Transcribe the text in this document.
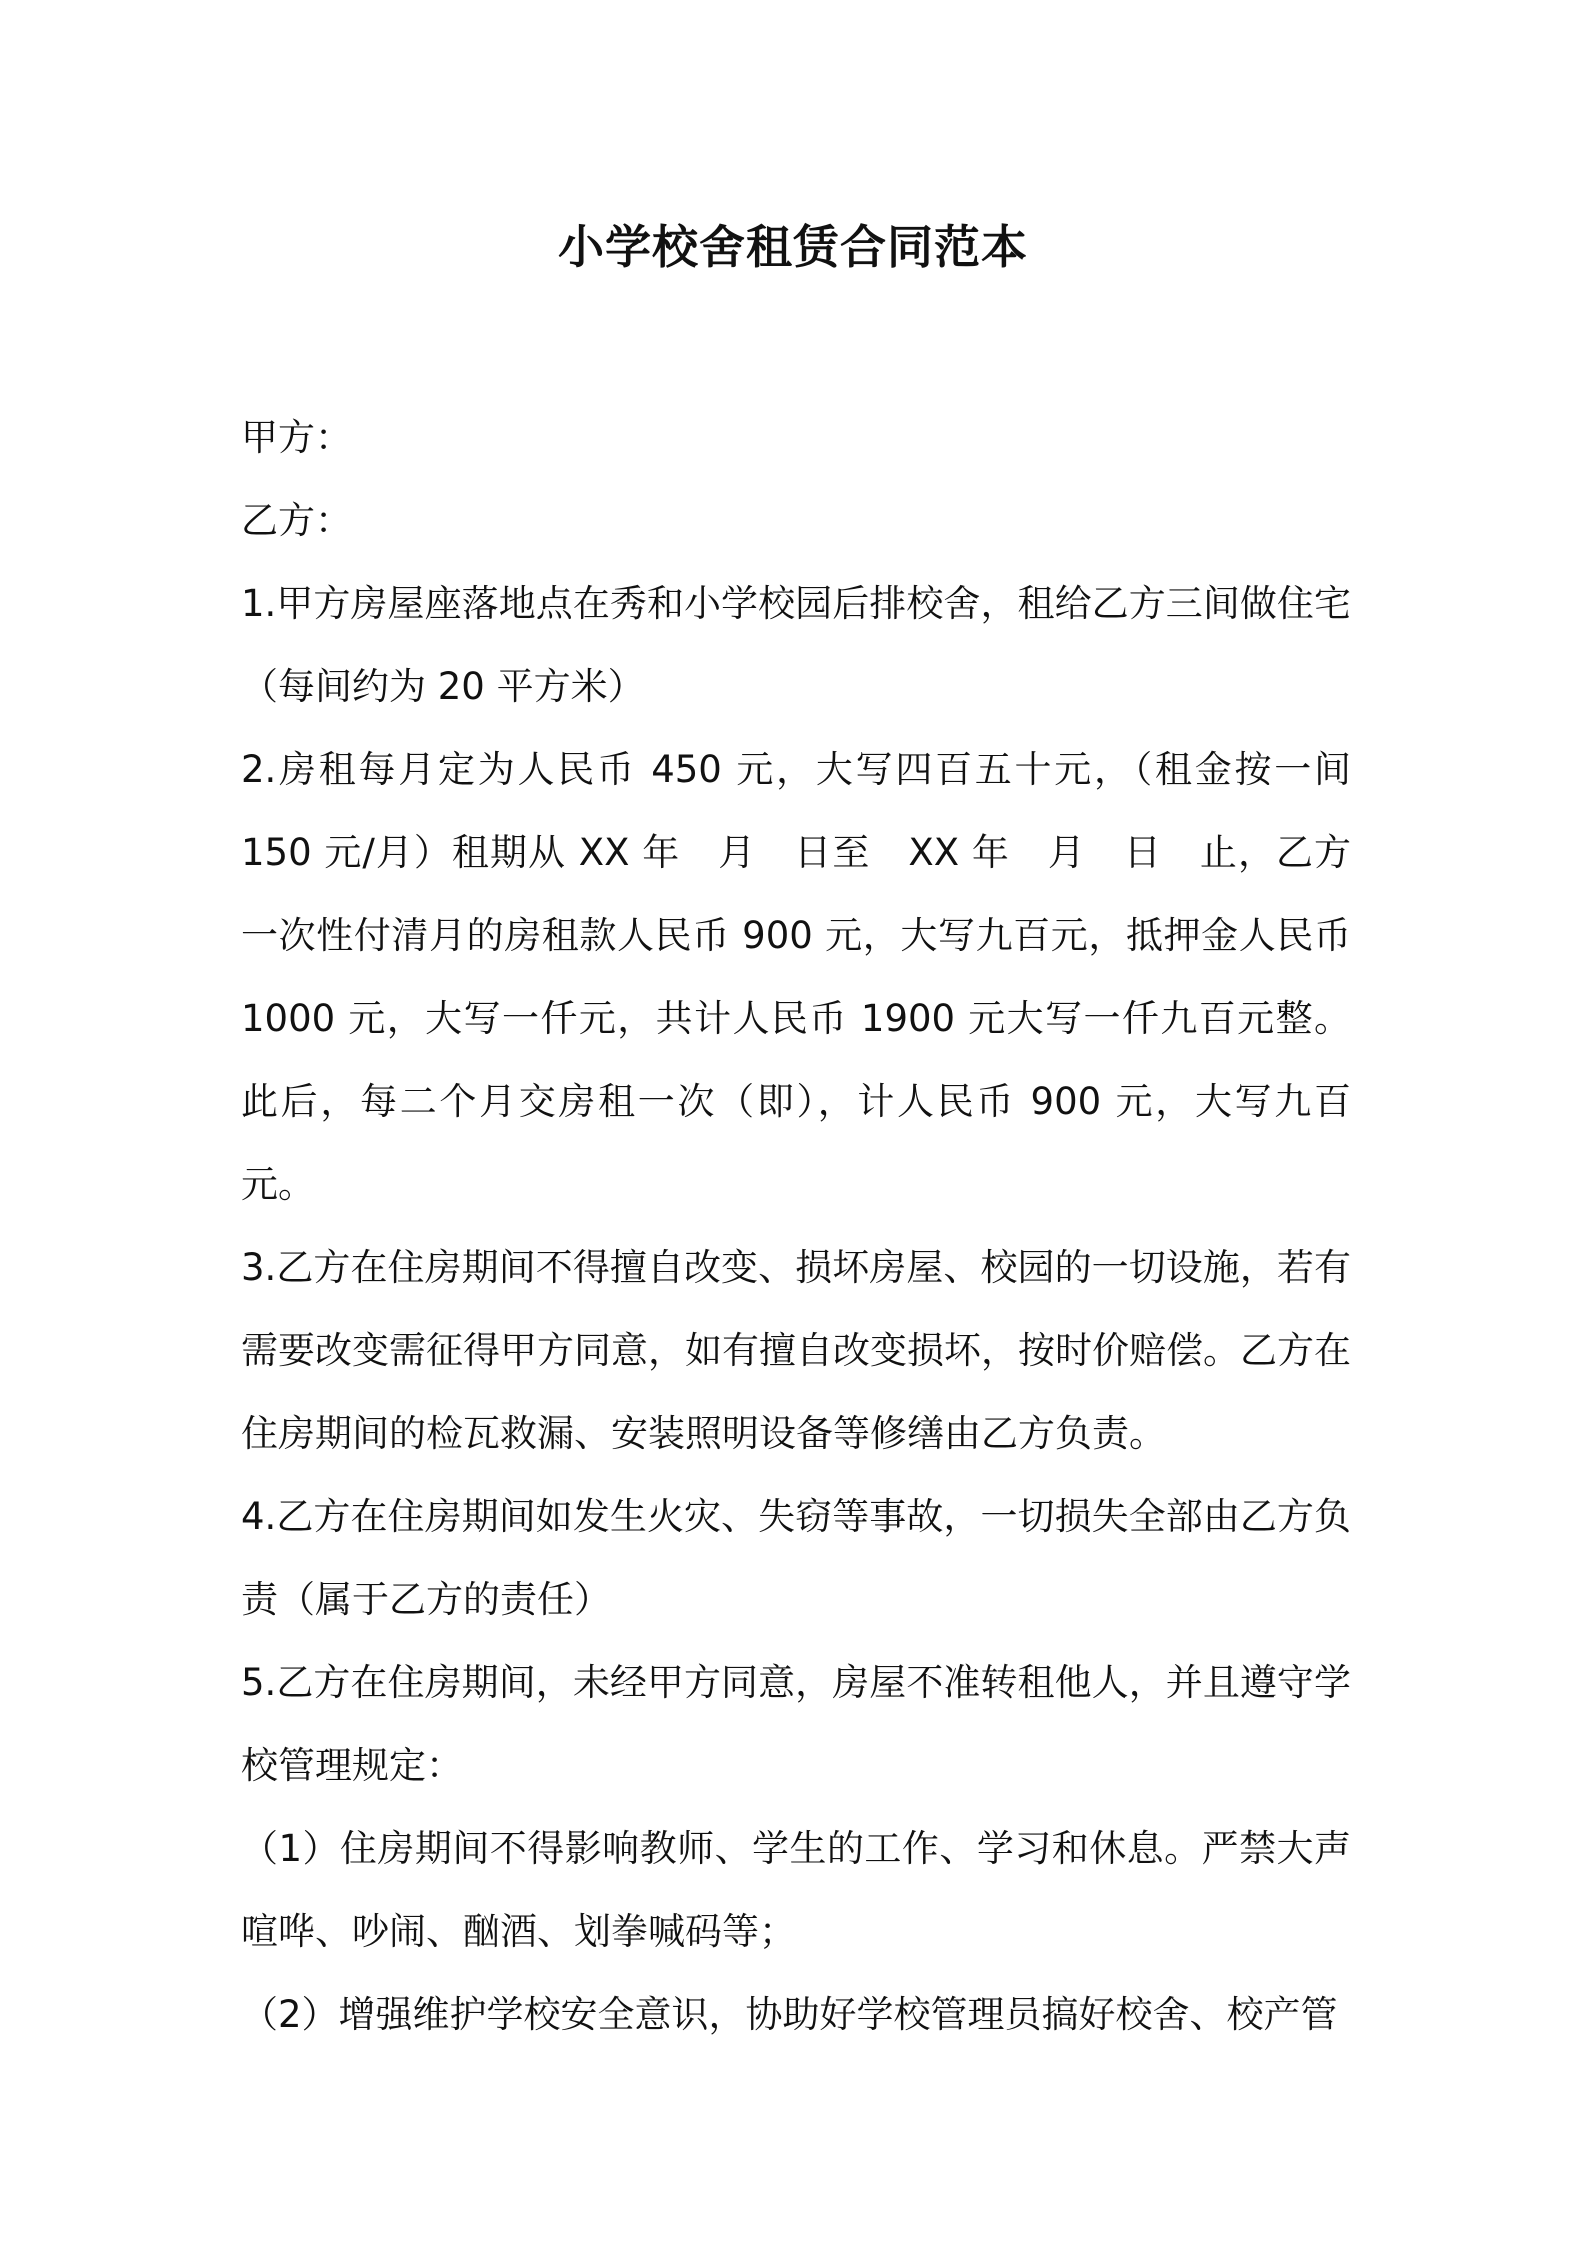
小学校舍租赁合同范本

甲方：

乙方：

1.甲方房屋座落地点在秀和小学校园后排校舍，租给乙方三间做住宅（每间约为 20 平方米）

2.房租每月定为人民币 450 元，大写四百五十元，（租金按一间 150 元/月）租期从 XX 年　月　日至　XX 年　月　日　止，乙方一次性付清月的房租款人民币 900 元，大写九百元，抵押金人民币 1000 元，大写一仟元，共计人民币 1900 元大写一仟九百元整。此后，每二个月交房租一次（即），计人民币 900 元，大写九百元。

3.乙方在住房期间不得擅自改变、损坏房屋、校园的一切设施，若有需要改变需征得甲方同意，如有擅自改变损坏，按时价赔偿。乙方在住房期间的检瓦救漏、安装照明设备等修缮由乙方负责。

4.乙方在住房期间如发生火灾、失窃等事故，一切损失全部由乙方负责（属于乙方的责任）

5.乙方在住房期间，未经甲方同意，房屋不准转租他人，并且遵守学校管理规定：

（1）住房期间不得影响教师、学生的工作、学习和休息。严禁大声喧哗、吵闹、酗酒、划拳喊码等；

（2）增强维护学校安全意识，协助好学校管理员搞好校舍、校产管
